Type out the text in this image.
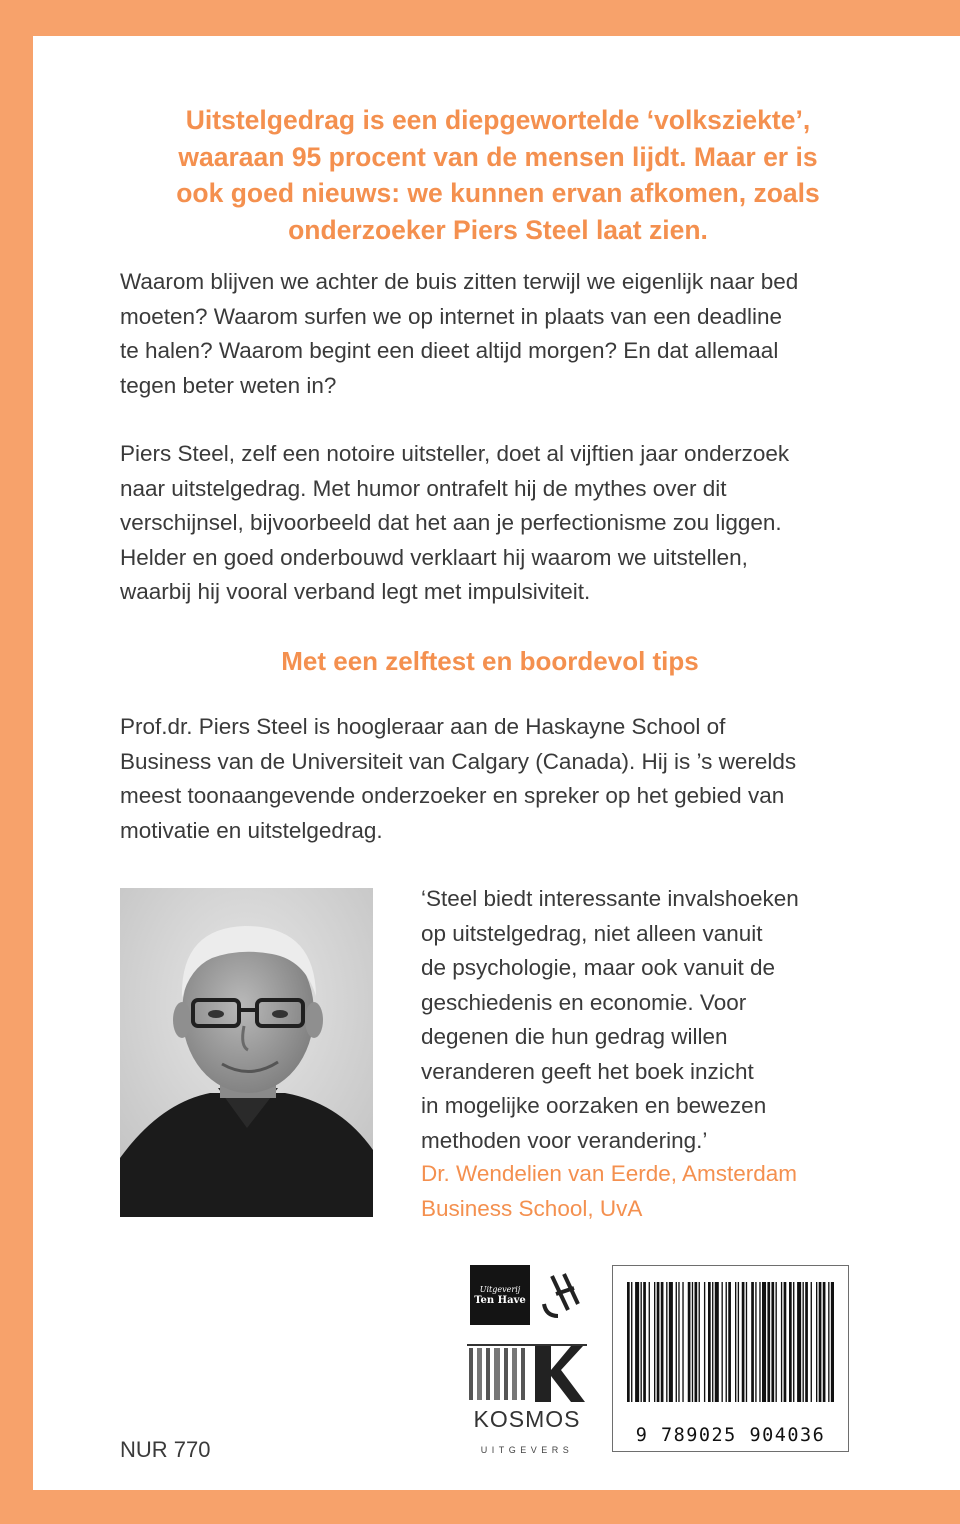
Uitstelgedrag is een diepgewortelde ‘volksziekte’,
waaraan 95 procent van de mensen lijdt. Maar er is
ook goed nieuws: we kunnen ervan afkomen, zoals
onderzoeker Piers Steel laat zien.

Waarom blijven we achter de buis zitten terwijl we eigenlijk naar bed
moeten? Waarom surfen we op internet in plaats van een deadline
te halen? Waarom begint een dieet altijd morgen? En dat allemaal
tegen beter weten in?

Piers Steel, zelf een notoire uitsteller, doet al vijftien jaar onderzoek
naar uitstelgedrag. Met humor ontrafelt hij de mythes over dit
verschijnsel, bijvoorbeeld dat het aan je perfectionisme zou liggen.
Helder en goed onderbouwd verklaart hij waarom we uitstellen,
waarbij hij vooral verband legt met impulsiviteit.

Met een zelftest en boordevol tips

Prof.dr. Piers Steel is hoogleraar aan de Haskayne School of
Business van de Universiteit van Calgary (Canada). Hij is ’s werelds
meest toonaangevende onderzoeker en spreker op het gebied van
motivatie en uitstelgedrag.

‘Steel biedt interessante invalshoeken
op uitstelgedrag, niet alleen vanuit
de psychologie, maar ook vanuit de
geschiedenis en economie. Voor
degenen die hun gedrag willen
veranderen geeft het boek inzicht
in mogelijke oorzaken en bewezen
methoden voor verandering.’

Dr. Wendelien van Eerde, Amsterdam
Business School, UvA

Uitgeverij
Ten Have

KOSMOS

UITGEVERS

9 789025 904036

NUR 770
